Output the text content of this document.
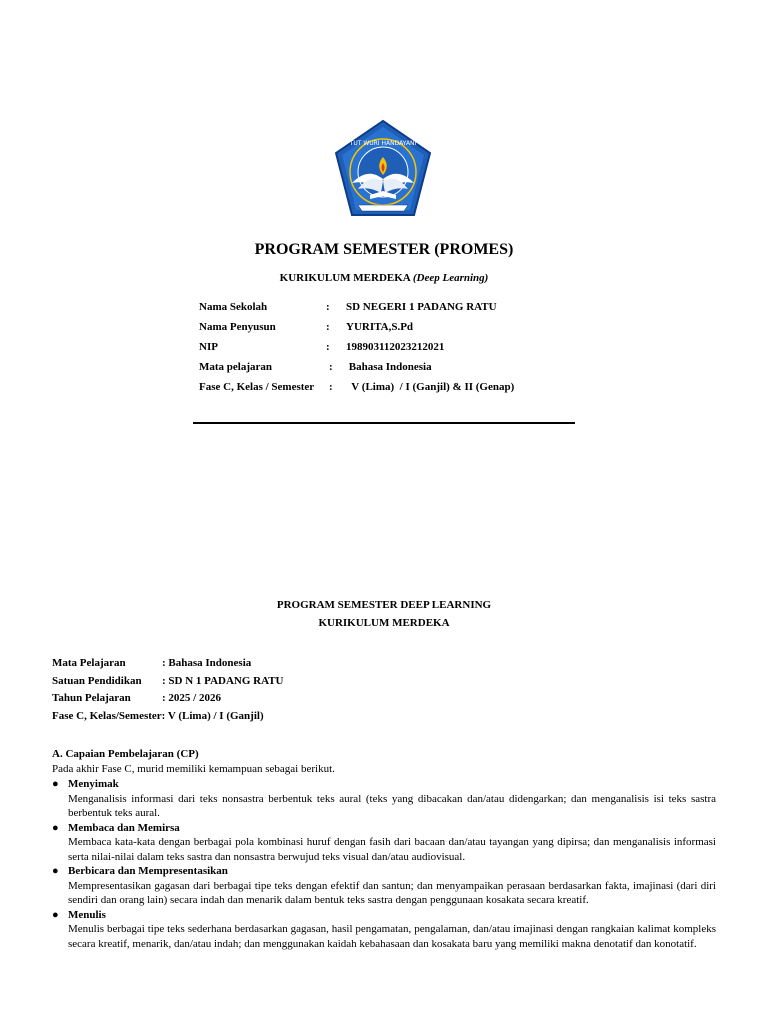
TUT WURI HANDAYANI
PROGRAM SEMESTER (PROMES)
KURIKULUM MERDEKA (Deep Learning)
Nama Sekolah	: SD NEGERI 1 PADANG RATU
Nama Penyusun	: YURITA,S.Pd
NIP	: 198903112023212021
Mata pelajaran	: Bahasa Indonesia
Fase C, Kelas / Semester : V (Lima)  / I (Ganjil) & II (Genap)
PROGRAM SEMESTER DEEP LEARNING
KURIKULUM MERDEKA
Mata Pelajaran	: Bahasa Indonesia
Satuan Pendidikan : SD N 1 PADANG RATU
Tahun Pelajaran	: 2025 / 2026
Fase C, Kelas/Semester: V (Lima) / I (Ganjil)
A. Capaian Pembelajaran (CP)
Pada akhir Fase C, murid memiliki kemampuan sebagai berikut.
● Menyimak
Menganalisis informasi dari teks nonsastra berbentuk teks aural (teks yang dibacakan dan/atau didengarkan; dan menganalisis isi teks sastra berbentuk teks aural.
● Membaca dan Memirsa
Membaca kata-kata dengan berbagai pola kombinasi huruf dengan fasih dari bacaan dan/atau tayangan yang dipirsa; dan menganalisis informasi serta nilai-nilai dalam teks sastra dan nonsastra berwujud teks visual dan/atau audiovisual.
● Berbicara dan Mempresentasikan
Mempresentasikan gagasan dari berbagai tipe teks dengan efektif dan santun; dan menyampaikan perasaan berdasarkan fakta, imajinasi (dari diri sendiri dan orang lain) secara indah dan menarik dalam bentuk teks sastra dengan penggunaan kosakata secara kreatif.
● Menulis
Menulis berbagai tipe teks sederhana berdasarkan gagasan, hasil pengamatan, pengalaman, dan/atau imajinasi dengan rangkaian kalimat kompleks secara kreatif, menarik, dan/atau indah; dan menggunakan kaidah kebahasaan dan kosakata baru yang memiliki makna denotatif dan konotatif.
